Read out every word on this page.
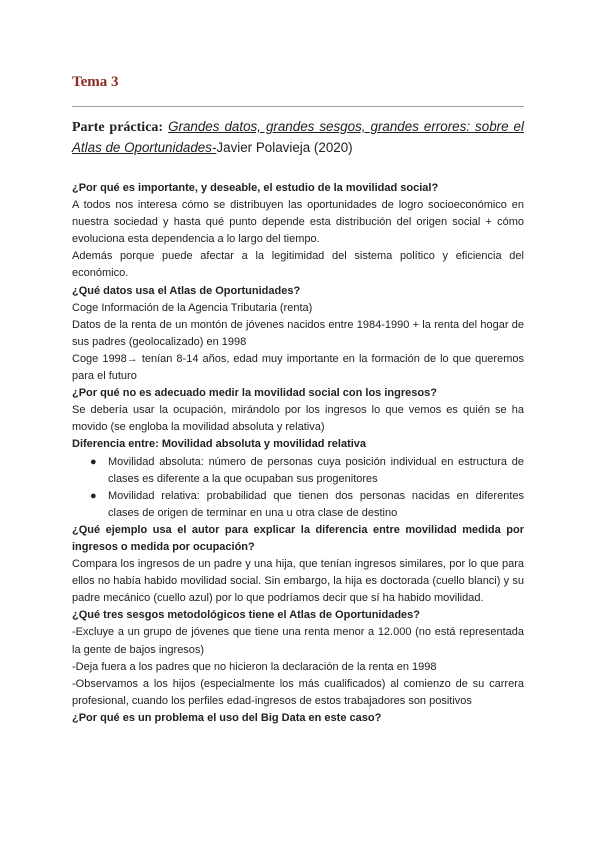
Tema 3
Parte práctica: Grandes datos, grandes sesgos, grandes errores: sobre el Atlas de Oportunidades-Javier Polavieja (2020)

¿Por qué es importante, y deseable, el estudio de la movilidad social?

A todos nos interesa cómo se distribuyen las oportunidades de logro socioeconómico en nuestra sociedad y hasta qué punto depende esta distribución del origen social + cómo evoluciona esta dependencia a lo largo del tiempo.

Además porque puede afectar a la legitimidad del sistema político y eficiencia del económico.

¿Qué datos usa el Atlas de Oportunidades?

Coge Información de la Agencia Tributaria (renta)

Datos de la renta de un montón de jóvenes nacidos entre 1984-1990 + la renta del hogar de sus padres (geolocalizado) en 1998

Coge 1998→ tenían 8-14 años, edad muy importante en la formación de lo que queremos para el futuro

¿Por qué no es adecuado medir la movilidad social con los ingresos?

Se debería usar la ocupación, mirándolo por los ingresos lo que vemos es quién se ha movido (se engloba la movilidad absoluta y relativa)

Diferencia entre: Movilidad absoluta y movilidad relativa

● Movilidad absoluta: número de personas cuya posición individual en estructura de clases es diferente a la que ocupaban sus progenitores
● Movilidad relativa: probabilidad que tienen dos personas nacidas en diferentes clases de origen de terminar en una u otra clase de destino

¿Qué ejemplo usa el autor para explicar la diferencia entre movilidad medida por ingresos o medida por ocupación?

Compara los ingresos de un padre y una hija, que tenían ingresos similares, por lo que para ellos no había habido movilidad social. Sin embargo, la hija es doctorada (cuello blanci) y su padre mecánico (cuello azul) por lo que podríamos decir que sí ha habido movilidad.

¿Qué tres sesgos metodológicos tiene el Atlas de Oportunidades?

-Excluye a un grupo de jóvenes que tiene una renta menor a 12.000 (no está representada la gente de bajos ingresos)

-Deja fuera a los padres que no hicieron la declaración de la renta en 1998

-Observamos a los hijos (especialmente los más cualificados) al comienzo de su carrera profesional, cuando los perfiles edad-ingresos de estos trabajadores son positivos

¿Por qué es un problema el uso del Big Data en este caso?
